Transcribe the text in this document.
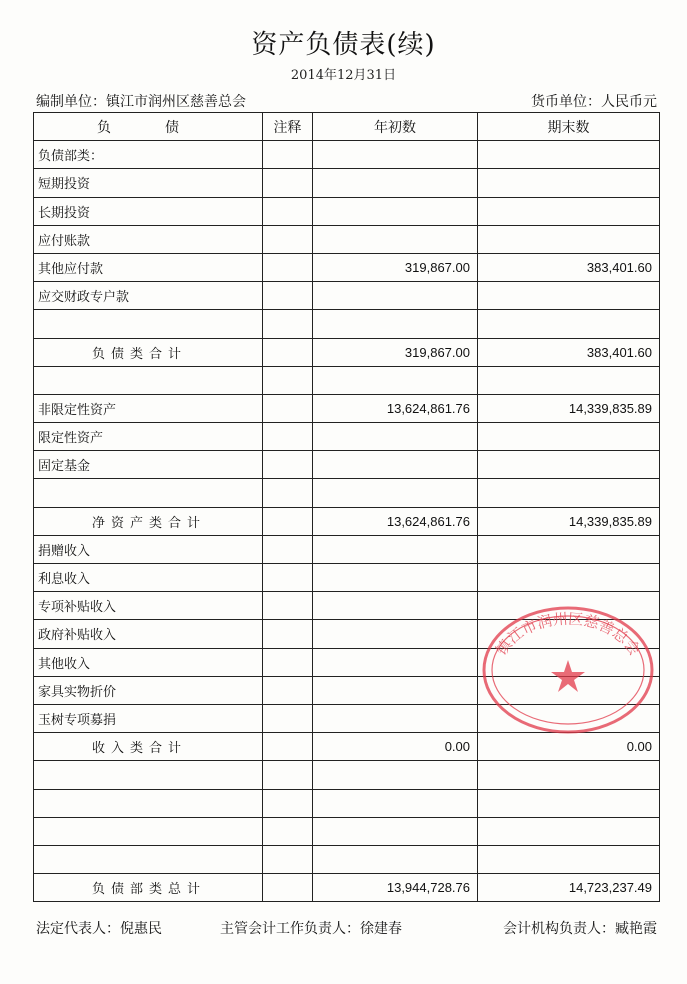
资产负债表(续)
2014年12月31日
编制单位：镇江市润州区慈善总会	货币单位：人民币元
负　债	注释	年初数	期末数
负债部类：			
短期投资			
长期投资			
应付账款			
其他应付款		319,867.00	383,401.60
应交财政专户款			

负债类合计		319,867.00	383,401.60

非限定性资产		13,624,861.76	14,339,835.89
限定性资产			
固定基金			

净资产类合计		13,624,861.76	14,339,835.89
捐赠收入			
利息收入			
专项补贴收入			
政府补贴收入			
其他收入			
家具实物折价			
玉树专项募捐			
收入类合计		0.00	0.00

负债部类总计		13,944,728.76	14,723,237.49
镇江市润州区慈善总会
法定代表人：倪惠民	主管会计工作负责人：徐建春	会计机构负责人：臧艳霞
